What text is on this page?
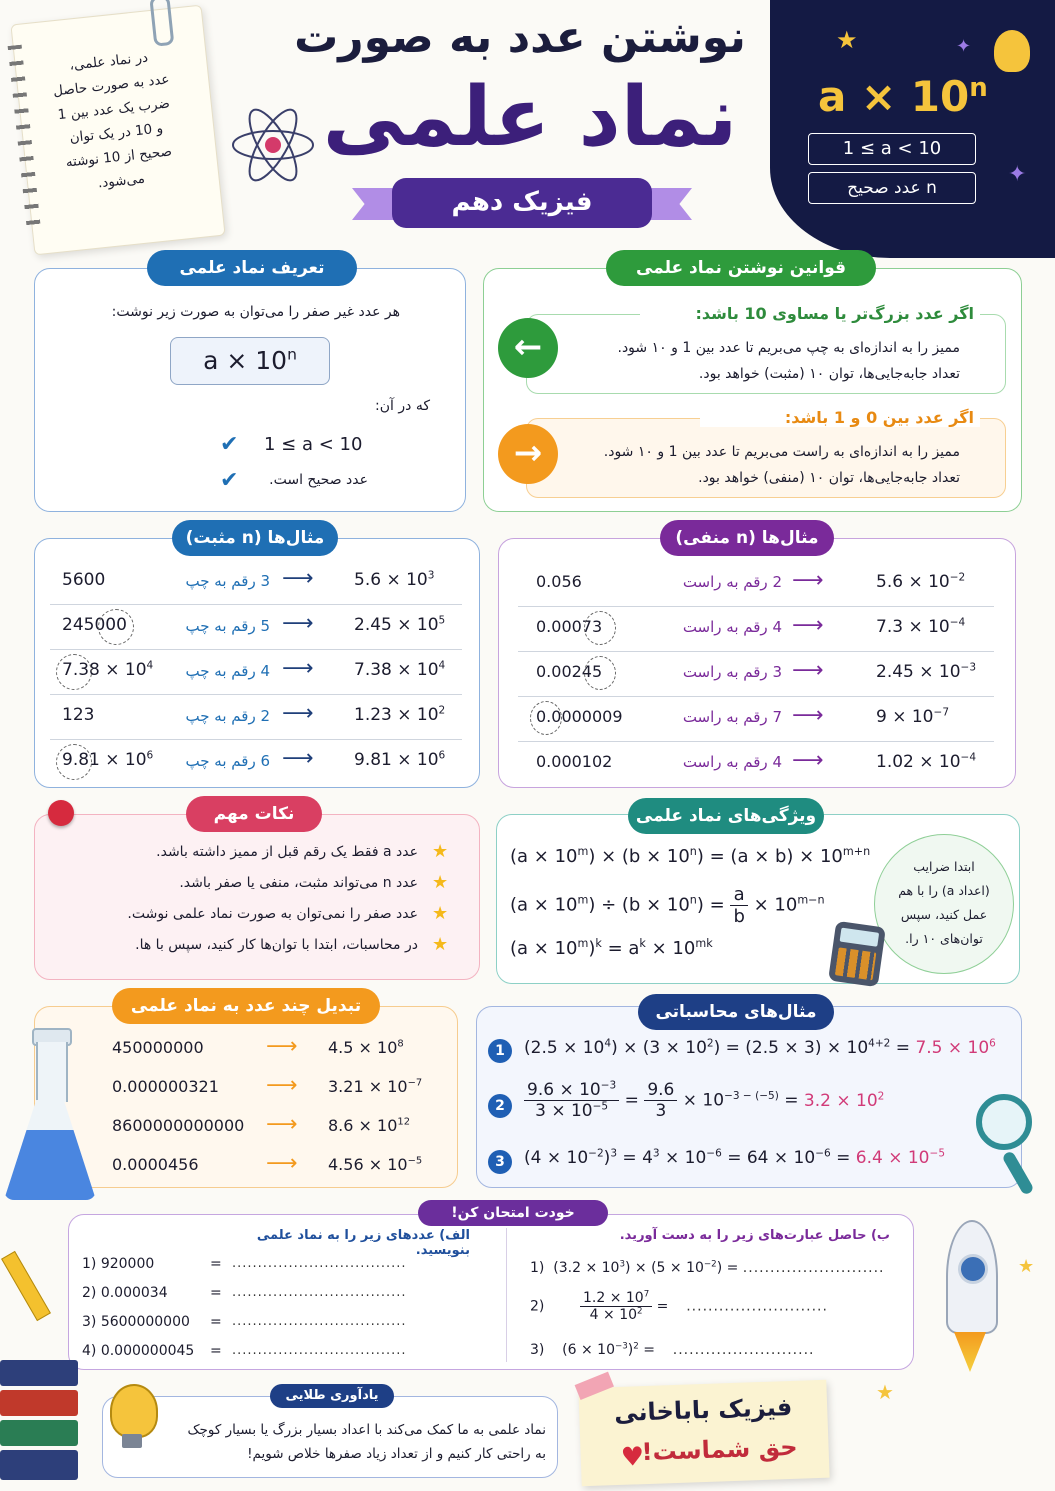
در نماد علمی،
عدد به صورت حاصل
ضرب یک عدد بین 1
و 10 در یک توان
صحیح از 10 نوشته
می‌شود.
نوشتن عدد به صورت
نماد علمی
فیزیک دهم
★	✦
✦
$a \times 10^n$
1 ≤ a < 10
n عدد صحیح
تعریف نماد علمی
هر عدد غیر صفر را می‌توان به صورت زیر نوشت:
$a \times 10^n$
که در آن:
✔ 1 ≤ a < 10
✔	عدد صحیح است.
قوانین نوشتن نماد علمی
اگر عدد بزرگ‌تر یا مساوی 10 باشد:
ممیز را به اندازه‌ای به چپ می‌بریم تا عدد بین 1 و ۱۰ شود.
تعداد جابه‌جایی‌ها، توان ۱۰ (مثبت) خواهد بود.
←
اگر عدد بین 0 و 1 باشد:
ممیز را به اندازه‌ای به راست می‌بریم تا عدد بین 1 و ۱۰ شود.
تعداد جابه‌جایی‌ها، توان ۱۰ (منفی) خواهد بود.
→
مثال‌ها (n مثبت)
5600	3 رقم به چپ ⟶ $5.6 \times 10^3$
245000	5 رقم به چپ ⟶ $2.45 \times 10^5$
$7.38 \times 10^4$	4 رقم به چپ ⟶ $7.38 \times 10^4$
123	2 رقم به چپ ⟶ $1.23 \times 10^2$
$9.81 \times 10^6$	6 رقم به چپ ⟶ $9.81 \times 10^6$
مثال‌ها (n منفی)
0.056	2 رقم به راست ⟶	$5.6 \times 10^{-2}$
0.00073	4 رقم به راست ⟶	$7.3 \times 10^{-4}$
0.00245	3 رقم به راست ⟶	$2.45 \times 10^{-3}$
0.0000009	7 رقم به راست ⟶	$9 \times 10^{-7}$
0.000102	4 رقم به راست ⟶	$1.02 \times 10^{-4}$
نکات مهم
★
عدد a فقط یک رقم قبل از ممیز داشته باشد.
★
عدد n می‌تواند مثبت، منفی یا صفر باشد.
★
عدد صفر را نمی‌توان به صورت نماد علمی نوشت.
★
در محاسبات، ابتدا با توان‌ها کار کنید، سپس با ها.
ویژگی‌های نماد علمی
$(a \times 10^m) \times (b \times 10^n) = (a \times b) \times 10^{m+n}$
$(a \times 10^m) \div (b \times 10^n) = \frac{a}{b} \times 10^{m-n}$
$(a \times 10^m)^k = a^k \times 10^{mk}$
ابتدا ضرایب
(اعداد a) را با هم
عمل کنید، سپس
توان‌های ۱۰ را.
تبدیل چند عدد به نماد علمی
450000000	⟶ $4.5 \times 10^8$
0.000000321 ⟶ $3.21 \times 10^{-7}$
8600000000000 ⟶ $8.6 \times 10^{12}$
0.0000456	⟶ $4.56 \times 10^{-5}$
مثال‌های محاسباتی
1	$(2.5 \times 10^4) \times (3 \times 10^2) = (2.5 \times 3) \times 10^{4+2} = 7.5 \times 10^6$
2	$\frac{9.6 \times 10^{-3}}{3 \times 10^{-5}} = \frac{9.6}{3} \times 10^{-3 - (-5)} = 3.2 \times 10^2$
3	$(4 \times 10^{-2})^3 = 4^3 \times 10^{-6} = 64 \times 10^{-6} = 6.4 \times 10^{-5}$
خودت امتحان کن!
الف) عددهای زیر را به نماد علمی بنویسید.
1) 920000	= ..................................
2) 0.000034	= ..................................
3) 5600000000 = ..................................
4) 0.000000045 = ..................................
ب) حاصل عبارت‌های زیر را به دست آورید.
1)  $(3.2 \times 10^3) \times (5 \times 10^{-2})$ = ..........................
$2) \frac{1.2 \times 10^7}{4 \times 10^2}$ =    ..........................
3)    $(6 \times 10^{-3})^2$ =    ..........................
★
★
یادآوری طلایی
نماد علمی به ما کمک می‌کند با اعداد بسیار بزرگ یا بسیار کوچک
به راحتی کار کنیم و از تعداد زیاد صفرها خلاص شویم!
فیزیک باباخانی
حق شماست!
♥
